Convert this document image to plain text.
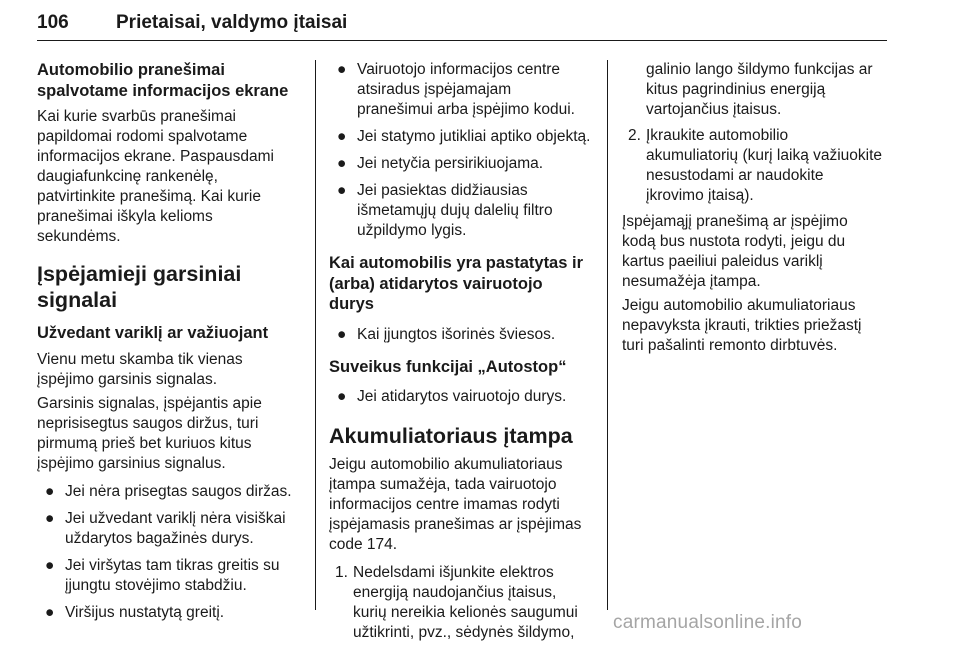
106 Prietaisai, valdymo įtaisai
Automobilio pranešimai spalvotame informacijos ekrane

Kai kurie svarbūs pranešimai papildomai rodomi spalvotame informacijos ekrane. Paspausdami daugiafunkcinę rankenėlę, patvirtinkite pranešimą. Kai kurie pranešimai iškyla kelioms sekundėms.

Įspėjamieji garsiniai signalai
Užvedant variklį ar važiuojant

Vienu metu skamba tik vienas įspėjimo garsinis signalas.

Garsinis signalas, įspėjantis apie neprisisegtus saugos diržus, turi pirmumą prieš bet kuriuos kitus įspėjimo garsinius signalus.

● Jei nėra prisegtas saugos diržas.
● Jei užvedant variklį nėra visiškai uždarytos bagažinės durys.
● Jei viršytas tam tikras greitis su įjungtu stovėjimo stabdžiu.
● Viršijus nustatytą greitį.
● Vairuotojo informacijos centre atsiradus įspėjamajam pranešimui arba įspėjimo kodui.
● Jei statymo jutikliai aptiko objektą.
● Jei netyčia persirikiuojama.
● Jei pasiektas didžiausias išmetamųjų dujų dalelių filtro užpildymo lygis.
Kai automobilis yra pastatytas ir (arba) atidarytos vairuotojo durys
● Kai įjungtos išorinės šviesos.
Suveikus funkcijai „Autostop“
● Jei atidarytos vairuotojo durys.
Akumuliatoriaus įtampa

Jeigu automobilio akumuliatoriaus įtampa sumažėja, tada vairuotojo informacijos centre imamas rodyti įspėjamasis pranešimas ar įspėjimas code 174.

1. Nedelsdami išjunkite elektros energiją naudojančius įtaisus, kurių nereikia kelionės saugumui užtikrinti, pvz., sėdynės šildymo,
galinio lango šildymo funkcijas ar kitus pagrindinius energiją vartojančius įtaisus.
2. Įkraukite automobilio akumuliatorių (kurį laiką važiuokite nesustodami ar naudokite įkrovimo įtaisą).

Įspėjamąjį pranešimą ar įspėjimo kodą bus nustota rodyti, jeigu du kartus paeiliui paleidus variklį nesumažėja įtampa.

Jeigu automobilio akumuliatoriaus nepavyksta įkrauti, trikties priežastį turi pašalinti remonto dirbtuvės.

carmanualsonline.info
